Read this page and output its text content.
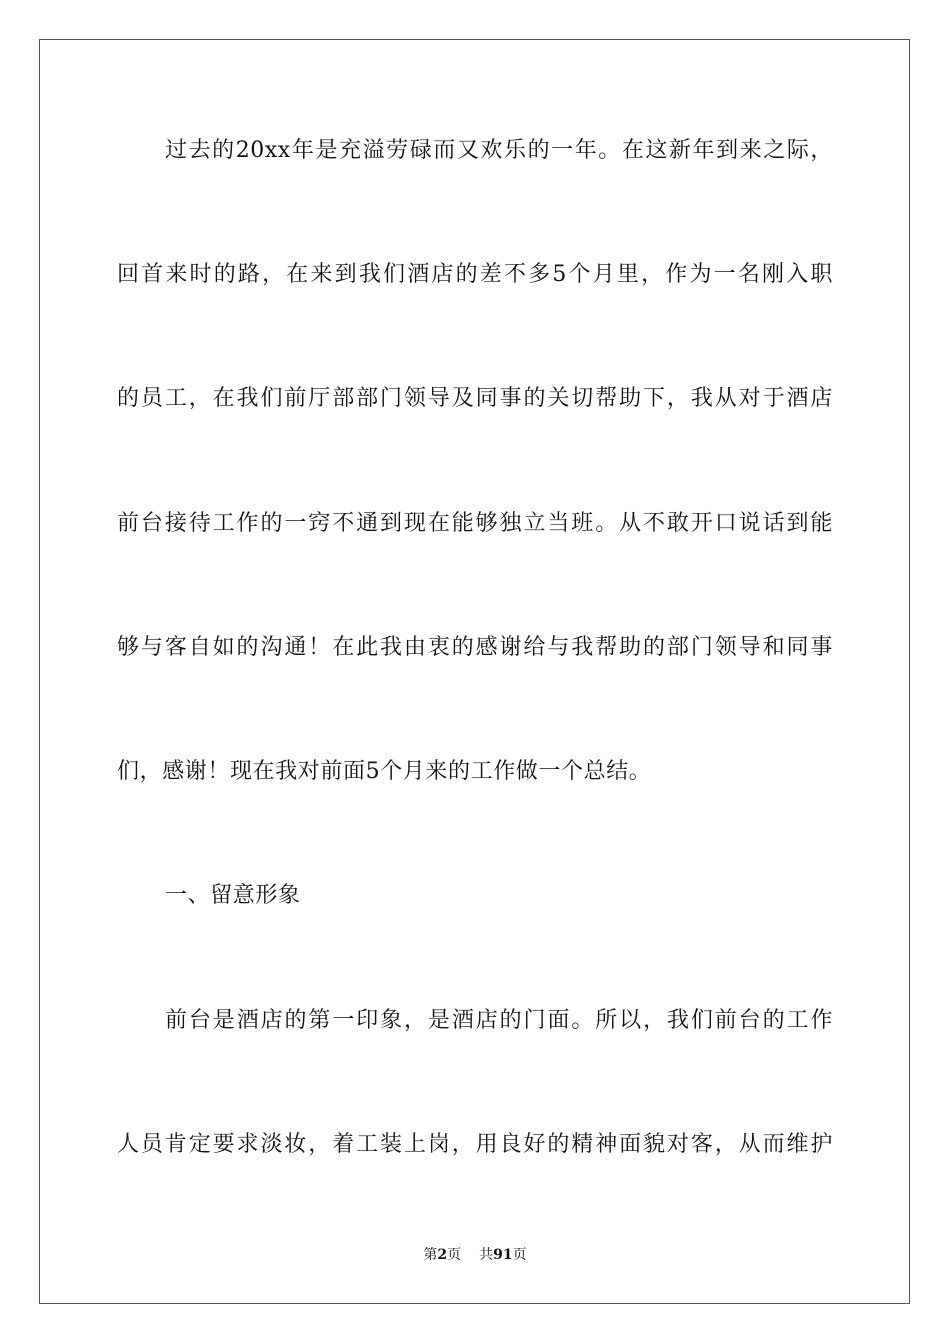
过去的20xx年是充溢劳碌而又欢乐的一年。在这新年到来之际，
回首来时的路，在来到我们酒店的差不多5个月里，作为一名刚入职
的员工，在我们前厅部部门领导及同事的关切帮助下，我从对于酒店
前台接待工作的一窍不通到现在能够独立当班。从不敢开口说话到能
够与客自如的沟通！在此我由衷的感谢给与我帮助的部门领导和同事
们，感谢！现在我对前面5个月来的工作做一个总结。
一、留意形象
前台是酒店的第一印象，是酒店的门面。所以，我们前台的工作
人员肯定要求淡妆，着工装上岗，用良好的精神面貌对客，从而维护
第2页 共91页
